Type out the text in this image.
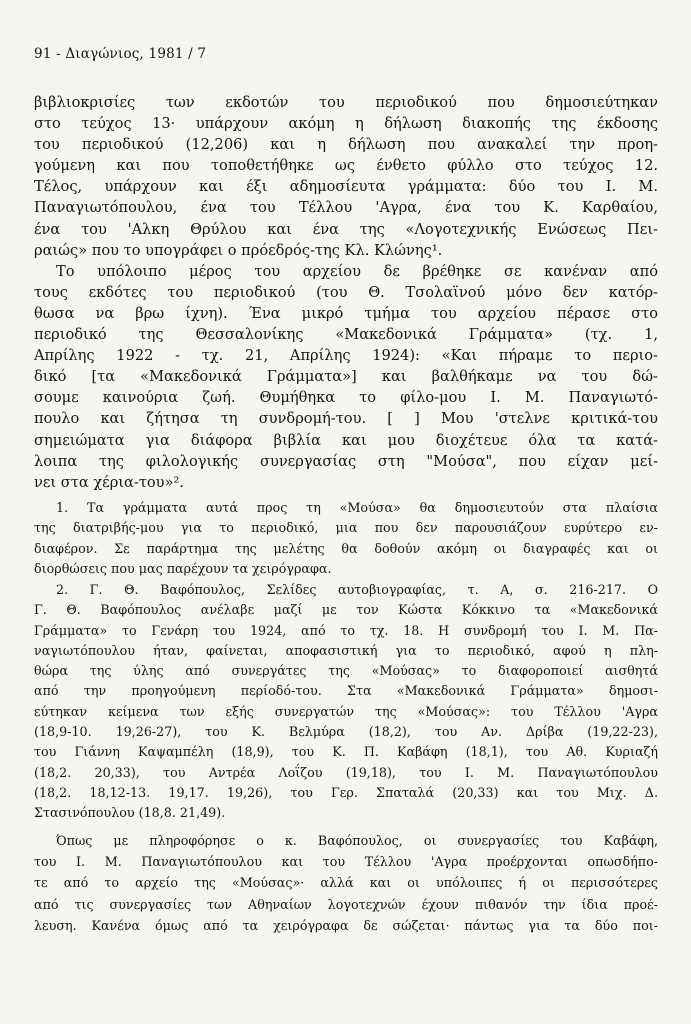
91 - Διαγώνιος, 1981 / 7
βιβλιοκρισίες των εκδοτών του περιοδικού που δημοσιεύτηκαν
στο τεύχος 13· υπάρχουν ακόμη η δήλωση διακοπής της έκδοσης
του περιοδικού (12,206) και η δήλωση που ανακαλεί την προη-
γούμενη και που τοποθετήθηκε ως ένθετο φύλλο στο τεύχος 12.
Τέλος, υπάρχουν και έξι αδημοσίευτα γράμματα: δύο του Ι. Μ.
Παναγιωτόπουλου, ένα του Τέλλου 'Αγρα, ένα του Κ. Καρθαίου,
ένα του 'Αλκη Θρύλου και ένα της «Λογοτεχνικής Ενώσεως Πει-
ραιώς» που το υπογράφει ο πρόεδρός-της Κλ. Κλώνης¹.
Το υπόλοιπο μέρος του αρχείου δε βρέθηκε σε κανέναν από
τους εκδότες του περιοδικού (του Θ. Τσολαϊνού μόνο δεν κατόρ-
θωσα να βρω ίχνη). Ένα μικρό τμήμα του αρχείου πέρασε στο
περιοδικό της Θεσσαλονίκης «Μακεδονικά Γράμματα» (τχ. 1,
Απρίλης 1922 - τχ. 21, Απρίλης 1924): «Και πήραμε το περιο-
δικό [τα «Μακεδονικά Γράμματα»] και βαλθήκαμε να του δώ-
σουμε καινούρια ζωή. Θυμήθηκα το φίλο-μου Ι. Μ. Παναγιωτό-
πουλο και ζήτησα τη συνδρομή-του. [ ] Μου 'στελνε κριτικά-του
σημειώματα για διάφορα βιβλία και μου διοχέτευε όλα τα κατά-
λοιπα της φιλολογικής συνεργασίας στη "Μούσα", που είχαν μεί-
νει στα χέρια-του»².
1. Τα γράμματα αυτά προς τη «Μούσα» θα δημοσιευτούν στα πλαίσια
της διατριβής-μου για το περιοδικό, μια που δεν παρουσιάζουν ευρύτερο εν-
διαφέρον. Σε παράρτημα της μελέτης θα δοθούν ακόμη οι διαγραφές και οι
διορθώσεις που μας παρέχουν τα χειρόγραφα.
2. Γ. Θ. Βαφόπουλος, Σελίδες αυτοβιογραφίας, τ. Α, σ. 216-217. Ο
Γ. Θ. Βαφόπουλος ανέλαβε μαζί με τον Κώστα Κόκκινο τα «Μακεδονικά
Γράμματα» το Γενάρη του 1924, από το τχ. 18. Η συνδρομή του Ι. Μ. Πα-
ναγιωτόπουλου ήταν, φαίνεται, αποφασιστική για το περιοδικό, αφού η πλη-
θώρα της ύλης από συνεργάτες της «Μούσας» το διαφοροποιεί αισθητά
από την προηγούμενη περίοδό-του. Στα «Μακεδονικά Γράμματα» δημοσι-
εύτηκαν κείμενα των εξής συνεργατών της «Μούσας»: του Τέλλου 'Αγρα
(18,9-10. 19,26-27), του Κ. Βελμύρα (18,2), του Αν. Δρίβα (19,22-23),
του Γιάννη Καψαμπέλη (18,9), του Κ. Π. Καβάφη (18,1), του Αθ. Κυριαζή
(18,2. 20,33), του Αντρέα Λοΐζου (19,18), του Ι. Μ. Παναγιωτόπουλου
(18,2. 18,12-13. 19,17. 19,26), του Γερ. Σπαταλά (20,33) και του Μιχ. Δ.
Στασινόπουλου (18,8. 21,49).
Όπως με πληροφόρησε ο κ. Βαφόπουλος, οι συνεργασίες του Καβάφη,
του Ι. Μ. Παναγιωτόπουλου και του Τέλλου 'Αγρα προέρχονται οπωσδήπο-
τε από το αρχείο της «Μούσας»· αλλά και οι υπόλοιπες ή οι περισσότερες
από τις συνεργασίες των Αθηναίων λογοτεχνών έχουν πιθανόν την ίδια προέ-
λευση. Κανένα όμως από τα χειρόγραφα δε σώζεται· πάντως για τα δύο ποι-
